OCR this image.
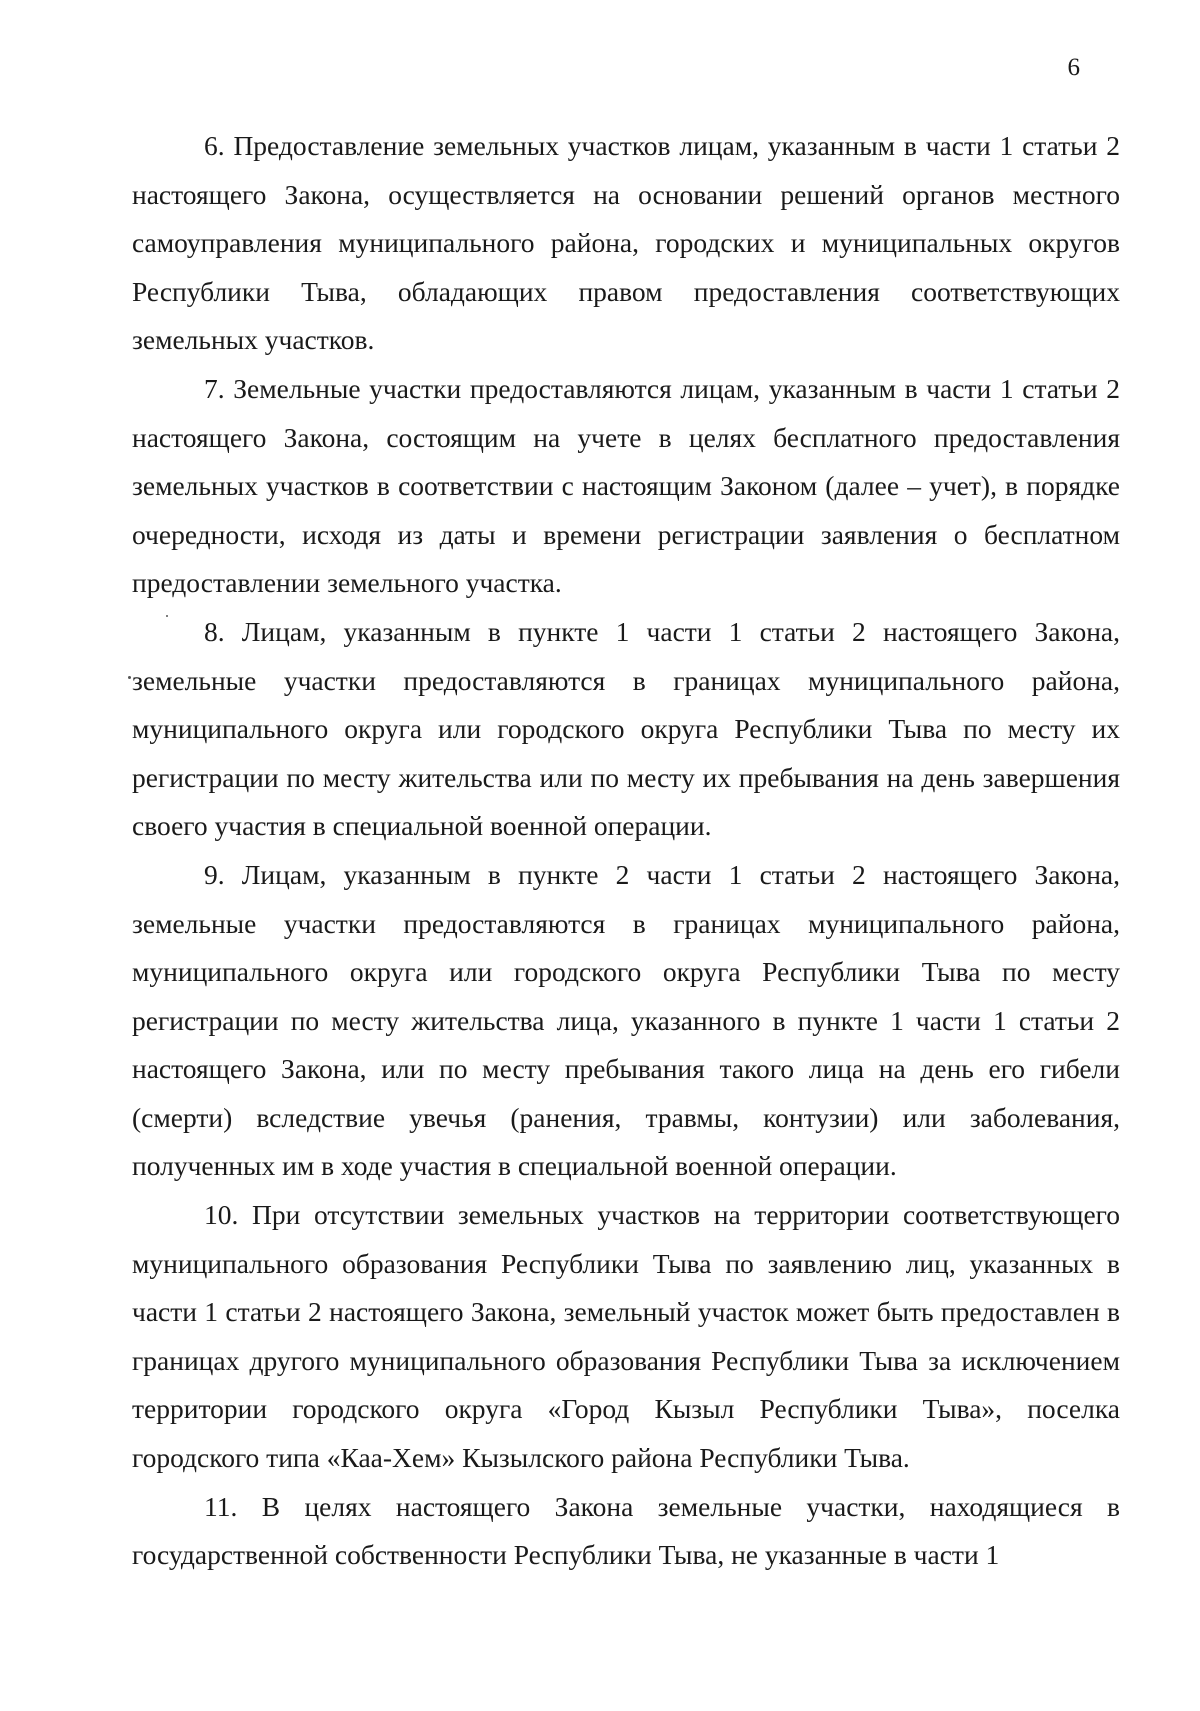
6

6. Предоставление земельных участков лицам, указанным в части 1 статьи 2 настоящего Закона, осуществляется на основании решений органов местного самоуправления муниципального района, городских и муниципальных округов Республики Тыва, обладающих правом предоставления соответствующих земельных участков.

7. Земельные участки предоставляются лицам, указанным в части 1 статьи 2 настоящего Закона, состоящим на учете в целях бесплатного предоставления земельных участков в соответствии с настоящим Законом (далее – учет), в порядке очередности, исходя из даты и времени регистрации заявления о бесплатном предоставлении земельного участка.

8. Лицам, указанным в пункте 1 части 1 статьи 2 настоящего Закона, земельные участки предоставляются в границах муниципального района, муниципального округа или городского округа Республики Тыва по месту их регистрации по месту жительства или по месту их пребывания на день завершения своего участия в специальной военной операции.

9. Лицам, указанным в пункте 2 части 1 статьи 2 настоящего Закона, земельные участки предоставляются в границах муниципального района, муниципального округа или городского округа Республики Тыва по месту регистрации по месту жительства лица, указанного в пункте 1 части 1 статьи 2 настоящего Закона, или по месту пребывания такого лица на день его гибели (смерти) вследствие увечья (ранения, травмы, контузии) или заболевания, полученных им в ходе участия в специальной военной операции.

10. При отсутствии земельных участков на территории соответствующего муниципального образования Республики Тыва по заявлению лиц, указанных в части 1 статьи 2 настоящего Закона, земельный участок может быть предоставлен в границах другого муниципального образования Республики Тыва за исключением территории городского округа «Город Кызыл Республики Тыва», поселка городского типа «Каа-Хем» Кызылского района Республики Тыва.

11. В целях настоящего Закона земельные участки, находящиеся в государственной собственности Республики Тыва, не указанные в части 1
